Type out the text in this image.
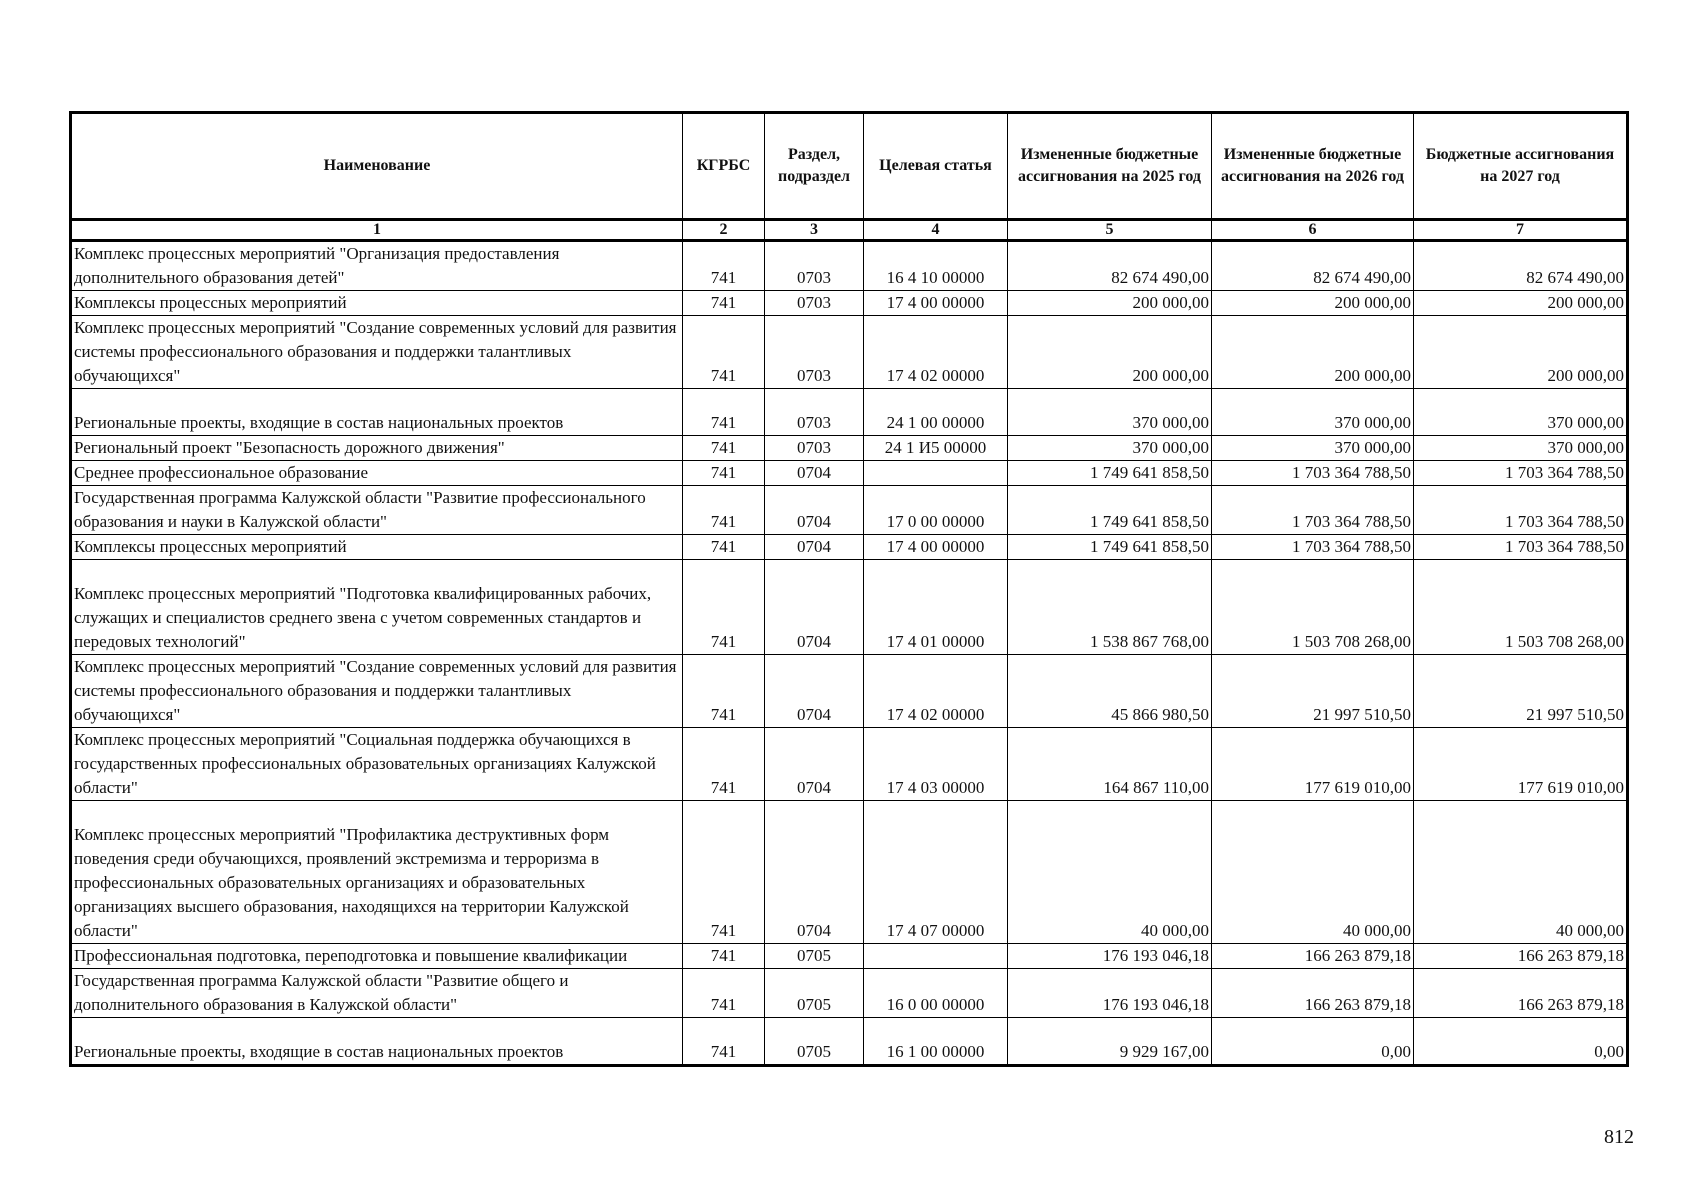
Наименование	КГРБС	Раздел, подраздел	Целевая статья	Измененные бюджетные ассигнования на 2025 год	Измененные бюджетные ассигнования на 2026 год	Бюджетные ассигнования на 2027 год
1	2	3	4	5	6	7
Комплекс процессных мероприятий "Организация предоставления дополнительного образования детей"	741	0703	16 4 10 00000	82 674 490,00	82 674 490,00	82 674 490,00
Комплексы процессных мероприятий	741	0703	17 4 00 00000	200 000,00	200 000,00	200 000,00
Комплекс процессных мероприятий "Создание современных условий для развития системы профессионального образования и поддержки талантливых обучающихся"	741	0703	17 4 02 00000	200 000,00	200 000,00	200 000,00
Региональные проекты, входящие в состав национальных проектов	741	0703	24 1 00 00000	370 000,00	370 000,00	370 000,00
Региональный проект "Безопасность дорожного движения"	741	0703	24 1 И5 00000	370 000,00	370 000,00	370 000,00
Среднее профессиональное образование	741	0704		1 749 641 858,50	1 703 364 788,50	1 703 364 788,50
Государственная программа Калужской области "Развитие профессионального образования и науки в Калужской области"	741	0704	17 0 00 00000	1 749 641 858,50	1 703 364 788,50	1 703 364 788,50
Комплексы процессных мероприятий	741	0704	17 4 00 00000	1 749 641 858,50	1 703 364 788,50	1 703 364 788,50
Комплекс процессных мероприятий "Подготовка квалифицированных рабочих, служащих и специалистов среднего звена с учетом современных стандартов и передовых технологий"	741	0704	17 4 01 00000	1 538 867 768,00	1 503 708 268,00	1 503 708 268,00
Комплекс процессных мероприятий "Создание современных условий для развития системы профессионального образования и поддержки талантливых обучающихся"	741	0704	17 4 02 00000	45 866 980,50	21 997 510,50	21 997 510,50
Комплекс процессных мероприятий "Социальная поддержка обучающихся в государственных профессиональных образовательных организациях Калужской области"	741	0704	17 4 03 00000	164 867 110,00	177 619 010,00	177 619 010,00
Комплекс процессных мероприятий "Профилактика деструктивных форм поведения среди обучающихся, проявлений экстремизма и терроризма в профессиональных образовательных организациях и образовательных организациях высшего образования, находящихся на территории Калужской области"	741	0704	17 4 07 00000	40 000,00	40 000,00	40 000,00
Профессиональная подготовка, переподготовка и повышение квалификации	741	0705		176 193 046,18	166 263 879,18	166 263 879,18
Государственная программа Калужской области "Развитие общего и дополнительного образования в Калужской области"	741	0705	16 0 00 00000	176 193 046,18	166 263 879,18	166 263 879,18
Региональные проекты, входящие в состав национальных проектов	741	0705	16 1 00 00000	9 929 167,00	0,00	0,00
812
